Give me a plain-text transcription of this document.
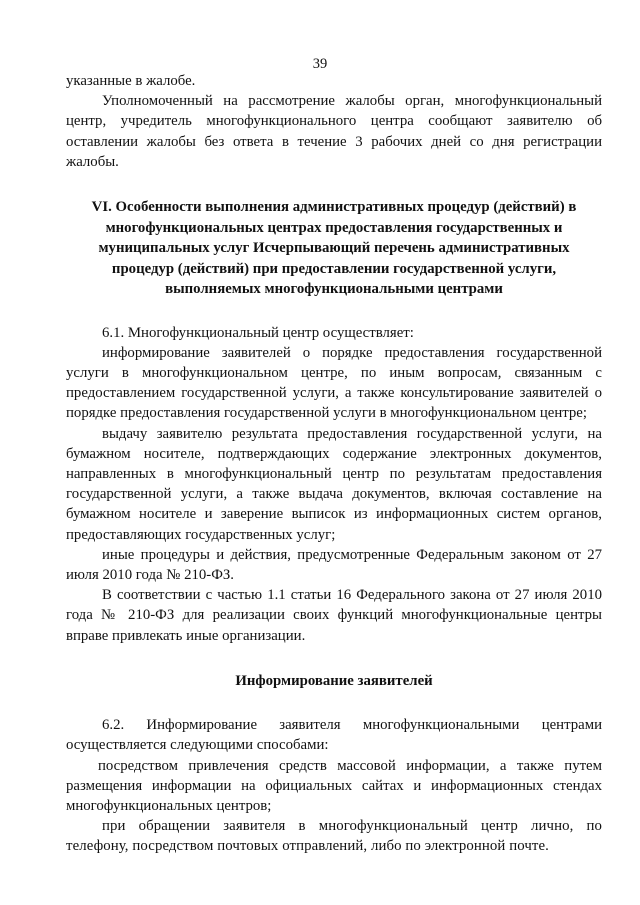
39

указанные в жалобе.

Уполномоченный на рассмотрение жалобы орган, многофункциональный центр, учредитель многофункционального центра сообщают заявителю об оставлении жалобы без ответа в течение 3 рабочих дней со дня регистрации жалобы.

VI. Особенности выполнения административных процедур (действий) в многофункциональных центрах предоставления государственных и муниципальных услуг Исчерпывающий перечень административных процедур (действий) при предоставлении государственной услуги, выполняемых многофункциональными центрами

6.1. Многофункциональный центр осуществляет:

информирование заявителей о порядке предоставления государственной услуги в многофункциональном центре, по иным вопросам, связанным с предоставлением государственной услуги, а также консультирование заявителей о порядке предоставления государственной услуги в многофункциональном центре;

выдачу заявителю результата предоставления государственной услуги, на бумажном носителе, подтверждающих содержание электронных документов, направленных в многофункциональный центр по результатам предоставления государственной услуги, а также выдача документов, включая составление на бумажном носителе и заверение выписок из информационных систем органов, предоставляющих государственных услуг;

иные процедуры и действия, предусмотренные Федеральным законом от 27 июля 2010 года № 210-ФЗ.

В соответствии с частью 1.1 статьи 16 Федерального закона от 27 июля 2010 года № 210-ФЗ для реализации своих функций многофункциональные центры вправе привлекать иные организации.

Информирование заявителей

6.2. Информирование заявителя многофункциональными центрами осуществляется следующими способами:

посредством привлечения средств массовой информации, а также путем размещения информации на официальных сайтах и информационных стендах многофункциональных центров;

при обращении заявителя в многофункциональный центр лично, по телефону, посредством почтовых отправлений, либо по электронной почте.
